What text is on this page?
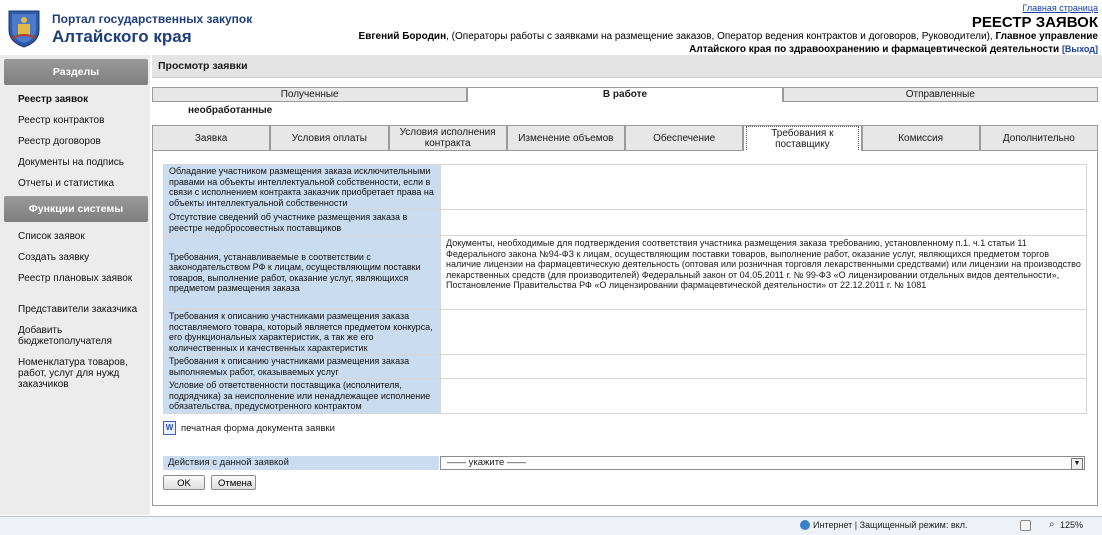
Портал государственных закупок
Алтайского края
Главная страница
РЕЕСТР ЗАЯВОК
Евгений Бородин, (Операторы работы с заявками на размещение заказов, Оператор ведения контрактов и договоров, Руководители), Главное управление Алтайского края по здравоохранению и фармацевтической деятельности [Выход]
Разделы
Реестр заявок
Реестр контрактов
Реестр договоров
Документы на подпись
Отчеты и статистика
Функции системы
Список заявок
Создать заявку
Реестр плановых заявок
Представители заказчика
Добавить бюджетополучателя
Номенклатура товаров, работ, услуг для нужд заказчиков
Просмотр заявки
Полученные	В работе	Отправленные
необработанные
Заявка	Условия оплаты	Условия исполнения контракта	Изменение объемов	Обеспечение	Требования к поставщику
Комиссия	Дополнительно
Обладание участником размещения заказа исключительными правами на объекты интеллектуальной собственности, если в связи с исполнением контракта заказчик приобретает права на объекты интеллектуальной собственности	
Отсутствие сведений об участнике размещения заказа в реестре недобросовестных поставщиков	
Требования, устанавливаемые в соответствии с законодательством РФ к лицам, осуществляющим поставки товаров, выполнение работ, оказание услуг, являющихся предметом размещения заказа	Документы, необходимые для подтверждения соответствия участника размещения заказа требованию, установленному п.1. ч.1 статьи 11 Федерального закона №94-ФЗ к лицам, осуществляющим поставки товаров, выполнение работ, оказание услуг, являющихся предметом торгов наличие лицензии на фармацевтическую деятельность (оптовая или розничная торговля лекарственными средствами) или лицензии на производство лекарственных средств (для производителей) Федеральный закон от 04.05.2011 г. № 99-ФЗ «О лицензировании отдельных видов деятельности», Постановление Правительства РФ «О лицензировании фармацевтической деятельности» от 22.12.2011 г. № 1081
Требования к описанию участниками размещения заказа поставляемого товара, который является предметом конкурса, его функциональных характеристик, а так же его количественных и качественных характеристик	
Требования к описанию участниками размещения заказа выполняемых работ, оказываемых услуг	
Условие об ответственности поставщика (исполнителя, подрядчика) за неисполнение или ненадлежащее исполнение обязательства, предусмотренного контрактом	
W печатная форма документа заявки
Действия с данной заявкой	—— укажите ——	▼
OK	Отмена
Интернет | Защищенный режим: вкл.	⌕ 125%
